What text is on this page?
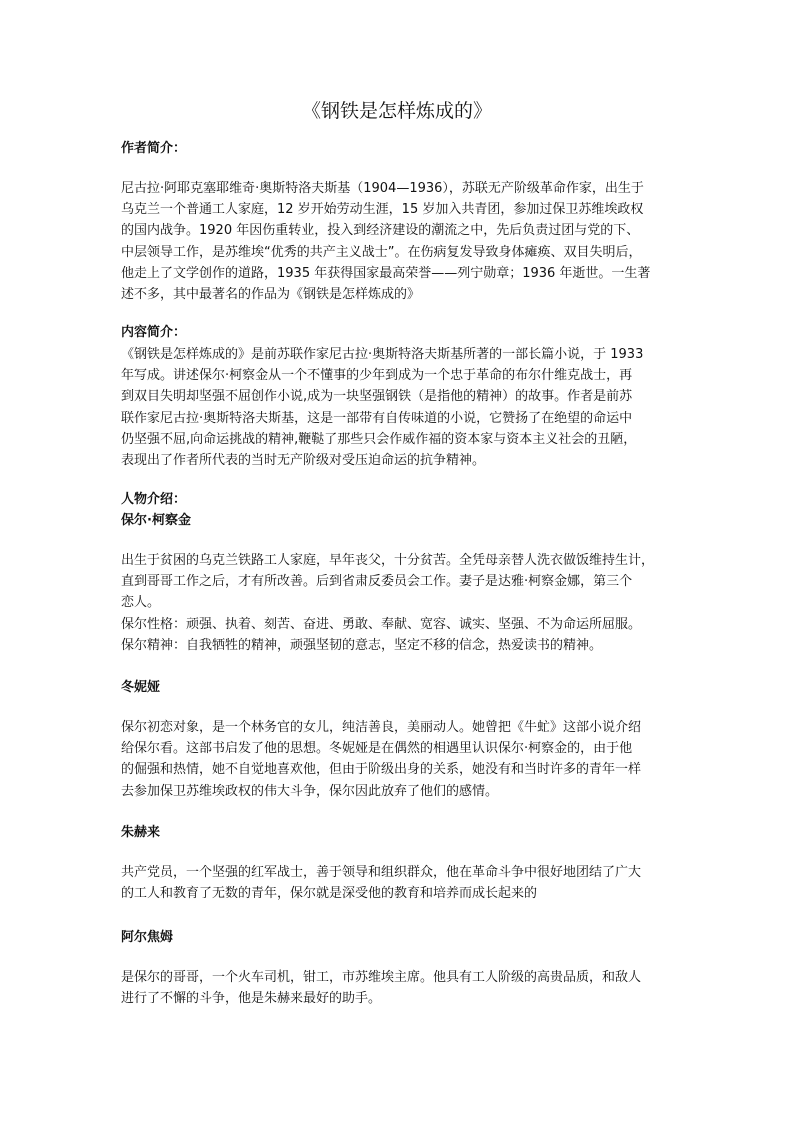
《钢铁是怎样炼成的》
作者简介：
尼古拉·阿耶克塞耶维奇·奥斯特洛夫斯基（1904—1936），苏联无产阶级革命作家，出生于
乌克兰一个普通工人家庭，12 岁开始劳动生涯，15 岁加入共青团，参加过保卫苏维埃政权
的国内战争。1920 年因伤重转业，投入到经济建设的潮流之中，先后负责过团与党的下、
中层领导工作，是苏维埃“优秀的共产主义战士”。在伤病复发导致身体瘫痪、双目失明后，
他走上了文学创作的道路，1935 年获得国家最高荣誉——列宁勋章；1936 年逝世。一生著
述不多，其中最著名的作品为《钢铁是怎样炼成的》
内容简介：
《钢铁是怎样炼成的》是前苏联作家尼古拉·奥斯特洛夫斯基所著的一部长篇小说，于 1933
年写成。讲述保尔·柯察金从一个不懂事的少年到成为一个忠于革命的布尔什维克战士，再
到双目失明却坚强不屈创作小说,成为一块坚强钢铁（是指他的精神）的故事。作者是前苏
联作家尼古拉·奥斯特洛夫斯基，这是一部带有自传味道的小说，它赞扬了在绝望的命运中
仍坚强不屈,向命运挑战的精神,鞭鞑了那些只会作威作福的资本家与资本主义社会的丑陋，
表现出了作者所代表的当时无产阶级对受压迫命运的抗争精神。
人物介绍：
保尔·柯察金
出生于贫困的乌克兰铁路工人家庭，早年丧父，十分贫苦。全凭母亲替人洗衣做饭维持生计，
直到哥哥工作之后，才有所改善。后到省肃反委员会工作。妻子是达雅·柯察金娜，第三个
恋人。
保尔性格：顽强、执着、刻苦、奋进、勇敢、奉献、宽容、诚实、坚强、不为命运所屈服。
保尔精神：自我牺牲的精神，顽强坚韧的意志，坚定不移的信念，热爱读书的精神。
冬妮娅
保尔初恋对象，是一个林务官的女儿，纯洁善良，美丽动人。她曾把《牛虻》这部小说介绍
给保尔看。这部书启发了他的思想。冬妮娅是在偶然的相遇里认识保尔·柯察金的，由于他
的倔强和热情，她不自觉地喜欢他，但由于阶级出身的关系，她没有和当时许多的青年一样
去参加保卫苏维埃政权的伟大斗争，保尔因此放弃了他们的感情。
朱赫来
共产党员，一个坚强的红军战士，善于领导和组织群众，他在革命斗争中很好地团结了广大
的工人和教育了无数的青年，保尔就是深受他的教育和培养而成长起来的
阿尔焦姆
是保尔的哥哥，一个火车司机，钳工，市苏维埃主席。他具有工人阶级的高贵品质，和敌人
进行了不懈的斗争，他是朱赫来最好的助手。
